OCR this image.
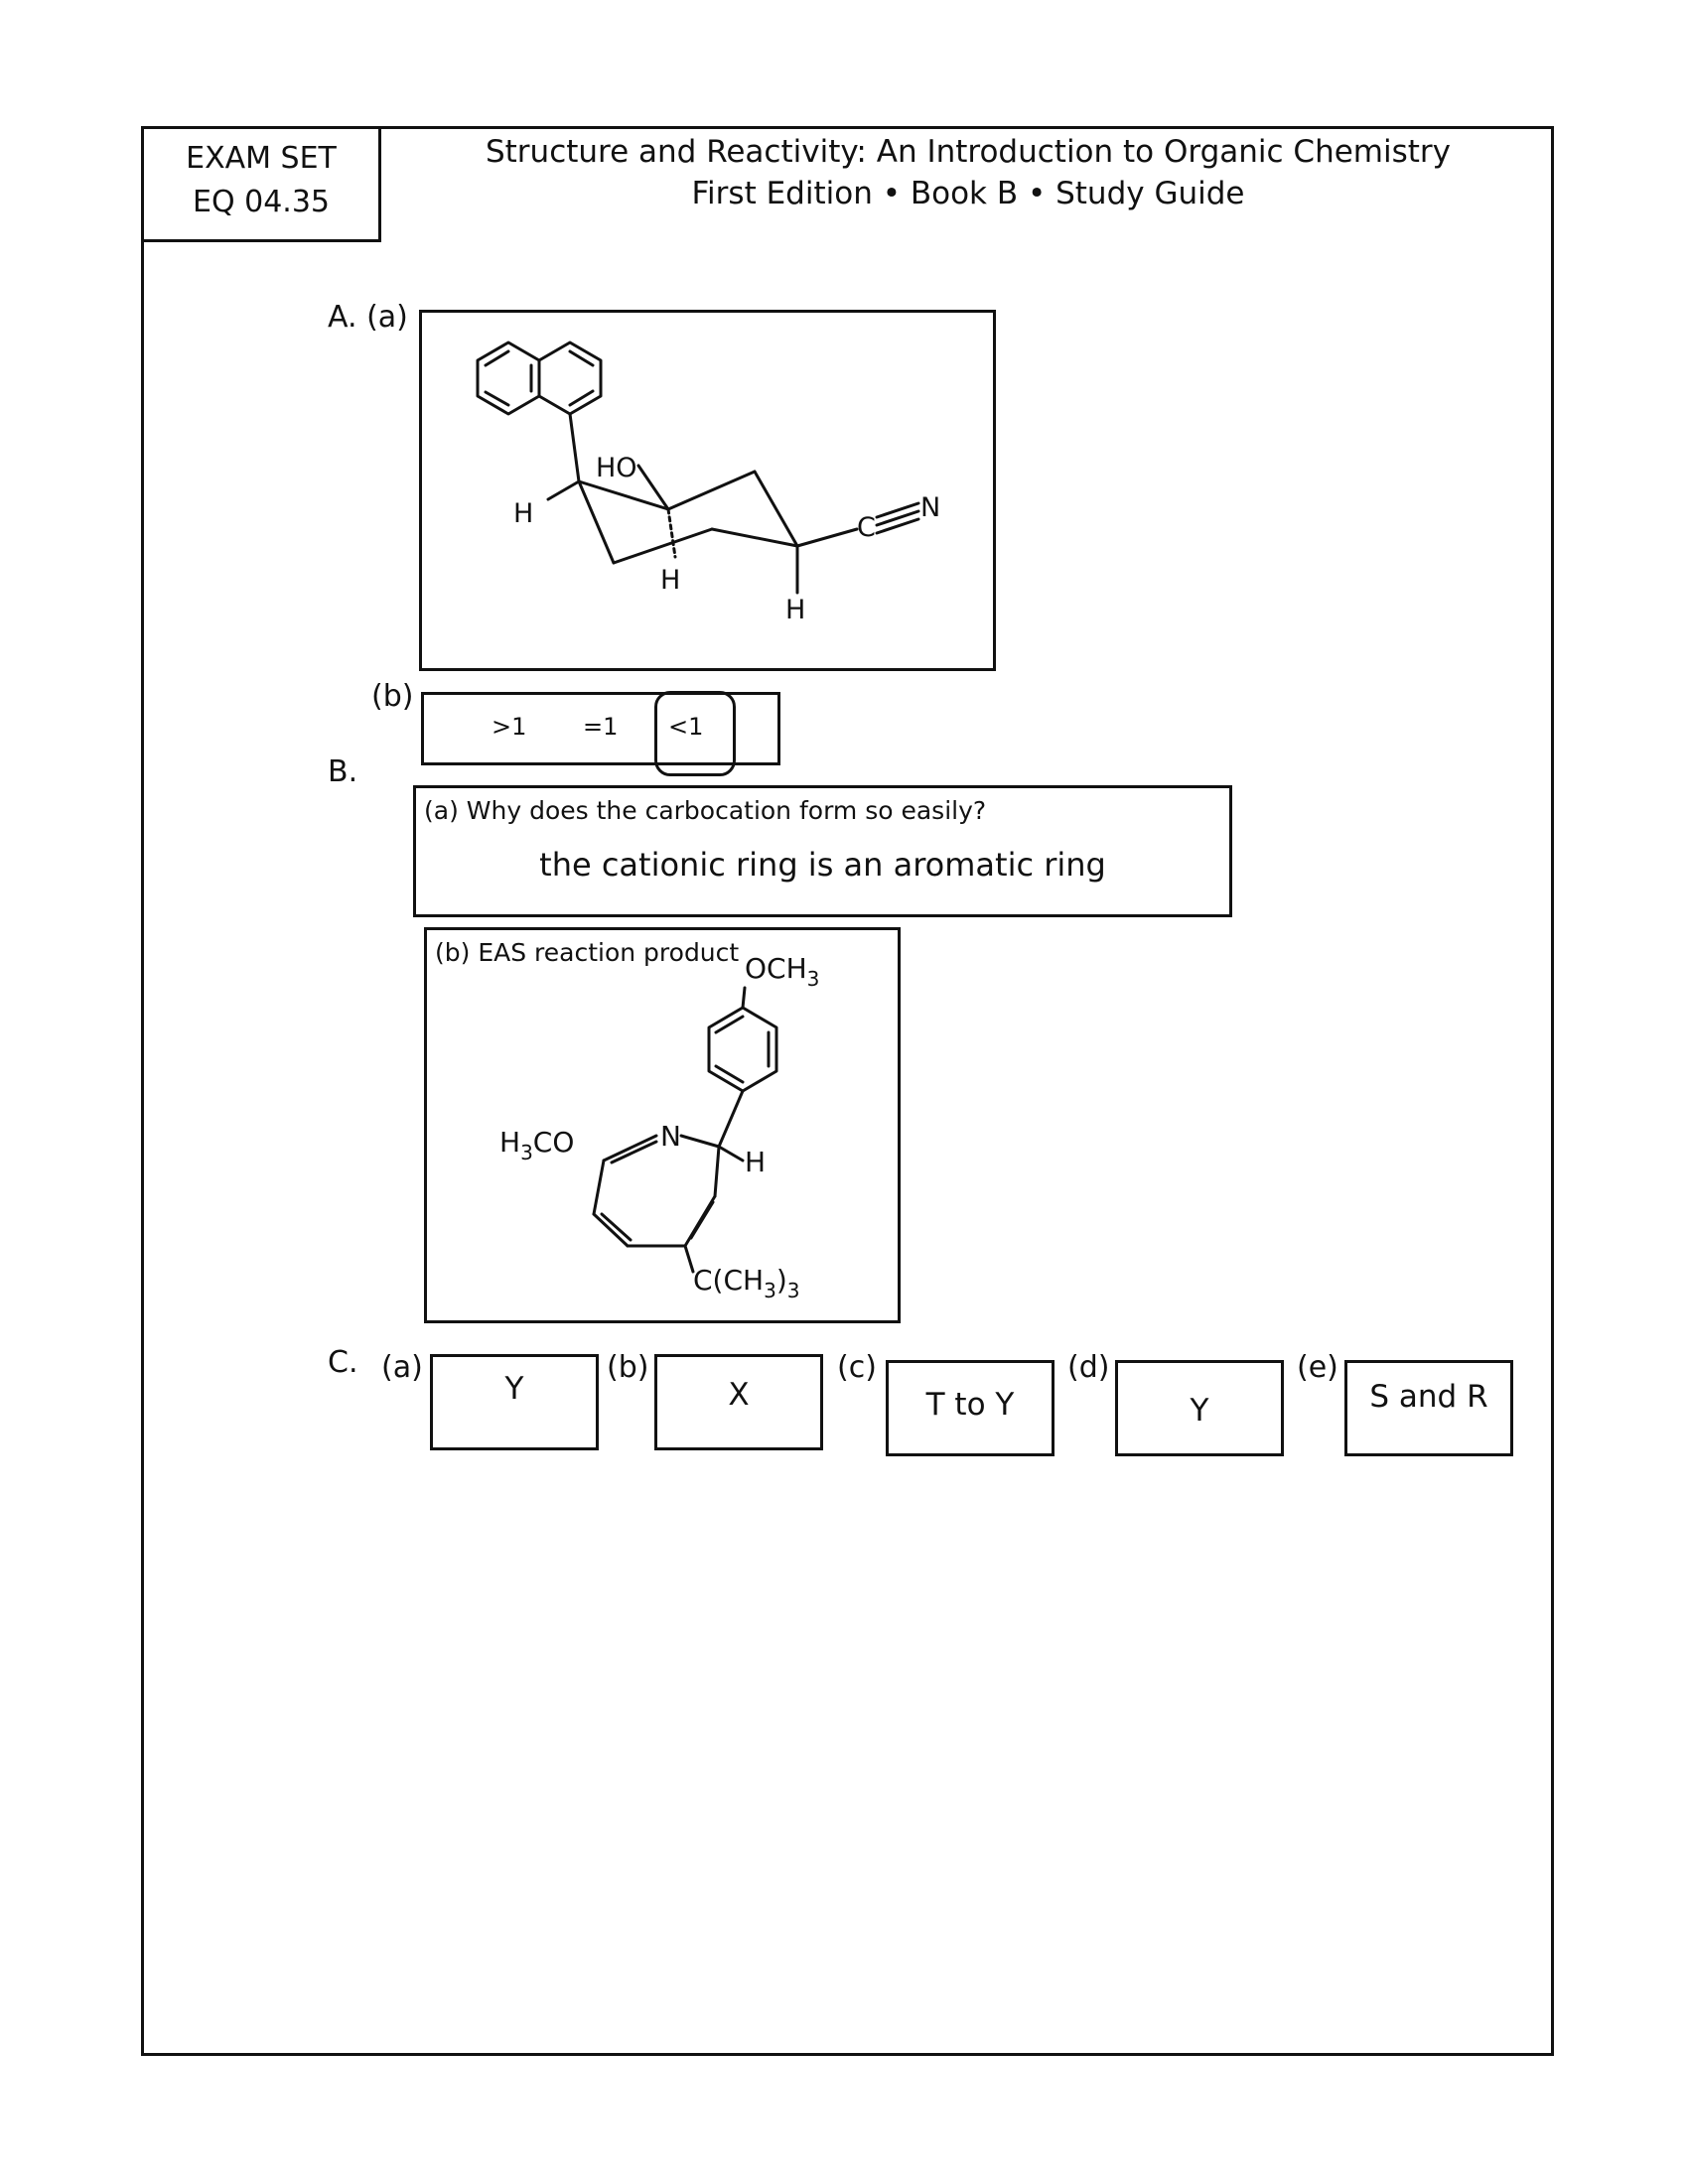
EXAM SET
EQ 04.35
Structure and Reactivity: An Introduction to Organic Chemistry
First Edition • Book B • Study Guide
A. (a)
HO
H
H
H
C
N
(b)
>1 =1 <1
B.
(a) Why does the carbocation form so easily?
the cationic ring is an aromatic ring
(b) EAS reaction product $OCH_3$
$H_3CO$	N
H
$C(CH_3)_3$
C. (a)
Y
(b)
X
(c)
T to Y
(d)
Y
(e)
S and R
